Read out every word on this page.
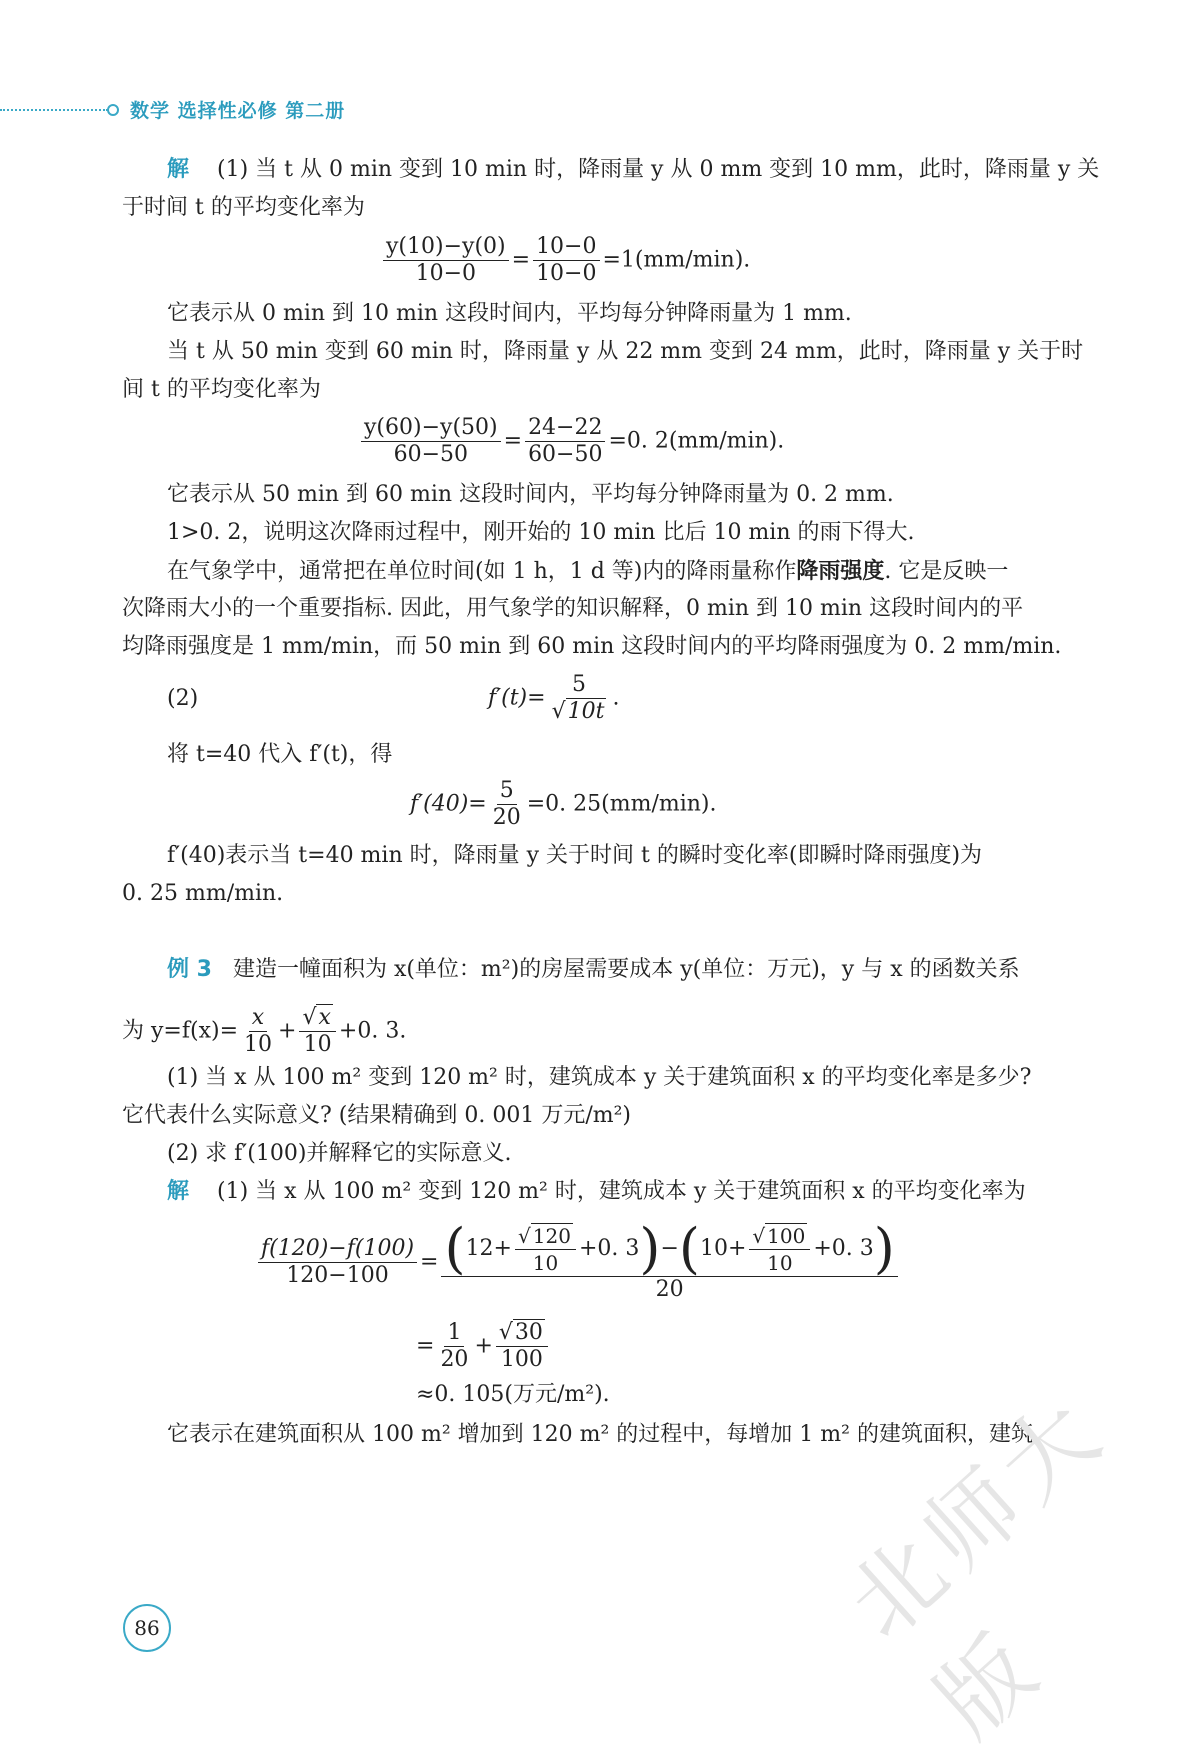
数学 选择性必修 第二册
解 (1) 当 t 从 0 min 变到 10 min 时，降雨量 y 从 0 mm 变到 10 mm，此时，降雨量 y 关
于时间 t 的平均变化率为
$\frac{y(10)-y(0)}{10-0} = \frac{10-0}{10-0} =1(mm/\min)$.
它表示从 0 min 到 10 min 这段时间内，平均每分钟降雨量为 1 mm.
当 t 从 50 min 变到 60 min 时，降雨量 y 从 22 mm 变到 24 mm，此时，降雨量 y 关于时
间 t 的平均变化率为
$\frac{y(60)-y(50)}{60-50} = \frac{24-22}{60-50} =0$. 2(mm/min).
它表示从 50 min 到 60 min 这段时间内，平均每分钟降雨量为 0. 2 mm.
1>0. 2，说明这次降雨过程中，刚开始的 10 min 比后 10 min 的雨下得大.
在气象学中，通常把在单位时间(如 1 h，1 d 等)内的降雨量称作降雨强度. 它是反映一
次降雨大小的一个重要指标. 因此，用气象学的知识解释，0 min 到 10 min 这段时间内的平
均降雨强度是 1 mm/min，而 50 min 到 60 min 这段时间内的平均降雨强度为 0. 2 mm/min.
(2)	$f'(t)= \frac{5}{√10t}$ .
将 t=40 代入 f′(t)，得
$f'(40)= \frac{5}{20} =0$. 25(mm/min).
f′(40)表示当 t=40 min 时，降雨量 y 关于时间 t 的瞬时变化率(即瞬时降雨强度)为
0. 25 mm/min.
例 3 建造一幢面积为 x(单位：m²)的房屋需要成本 y(单位：万元)，y 与 x 的函数关系
为 $y=f(x)= \frac{x}{10} + \frac{√x}{10} +0$. 3.
(1) 当 x 从 100 m² 变到 120 m² 时，建筑成本 y 关于建筑面积 x 的平均变化率是多少?
它代表什么实际意义? (结果精确到 0. 001 万元/m²)
(2) 求 f′(100)并解释它的实际意义.
解 (1) 当 x 从 100 m² 变到 120 m² 时，建筑成本 y 关于建筑面积 x 的平均变化率为
$\frac{f(120)-f(100)}{120-100} = \frac{(12+ \frac{√ 120}{10} +0. 3)-(10+ \frac{√ 100}{10} +0. 3)}{20}$
= $\frac{1}{20} + \frac{√30}{100}$
≈0. 105(万元/m²).
它表示在建筑面积从 100 m² 增加到 120 m² 的过程中，每增加 1 m² 的建筑面积，建筑
86	北师大版
